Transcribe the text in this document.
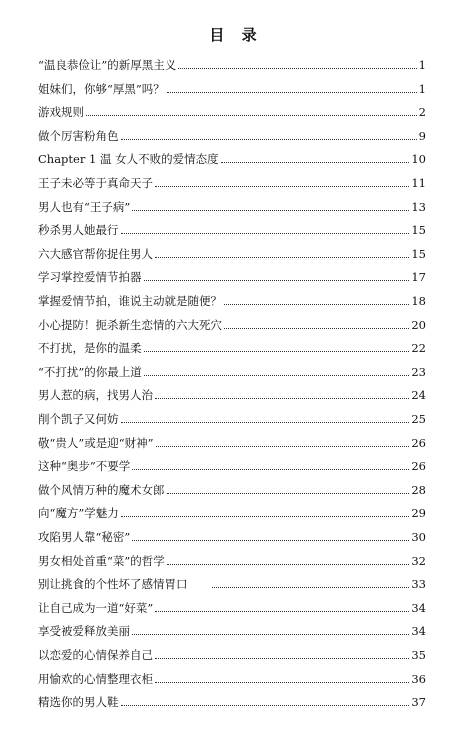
目 录
“温良恭俭让”的新厚黑主义	1
姐妹们，你够“厚黑”吗？	1
游戏规则	2
做个厉害粉角色	9
Chapter 1 温 女人不败的爱情态度	10
王子未必等于真命天子	11
男人也有“王子病”	13
秒杀男人她最行	15
六大感官帮你捉住男人	15
学习掌控爱情节拍器	17
掌握爱情节拍，谁说主动就是随便？	18
小心提防！扼杀新生恋情的六大死穴	20
不打扰，是你的温柔	22
“不打扰”的你最上道	23
男人惹的病，找男人治	24
削个凯子又何妨	25
敬“贵人”或是迎“财神”	26
这种“奥步”不要学	26
做个风情万种的魔术女郎	28
向“魔方”学魅力	29
攻陷男人靠“秘密”	30
男女相处首重“菜”的哲学	32
别让挑食的个性坏了感情胃口	33
让自己成为一道“好菜”	34
享受被爱释放美丽	34
以恋爱的心情保养自己	35
用愉欢的心情整理衣柜	36
精选你的男人鞋	37
